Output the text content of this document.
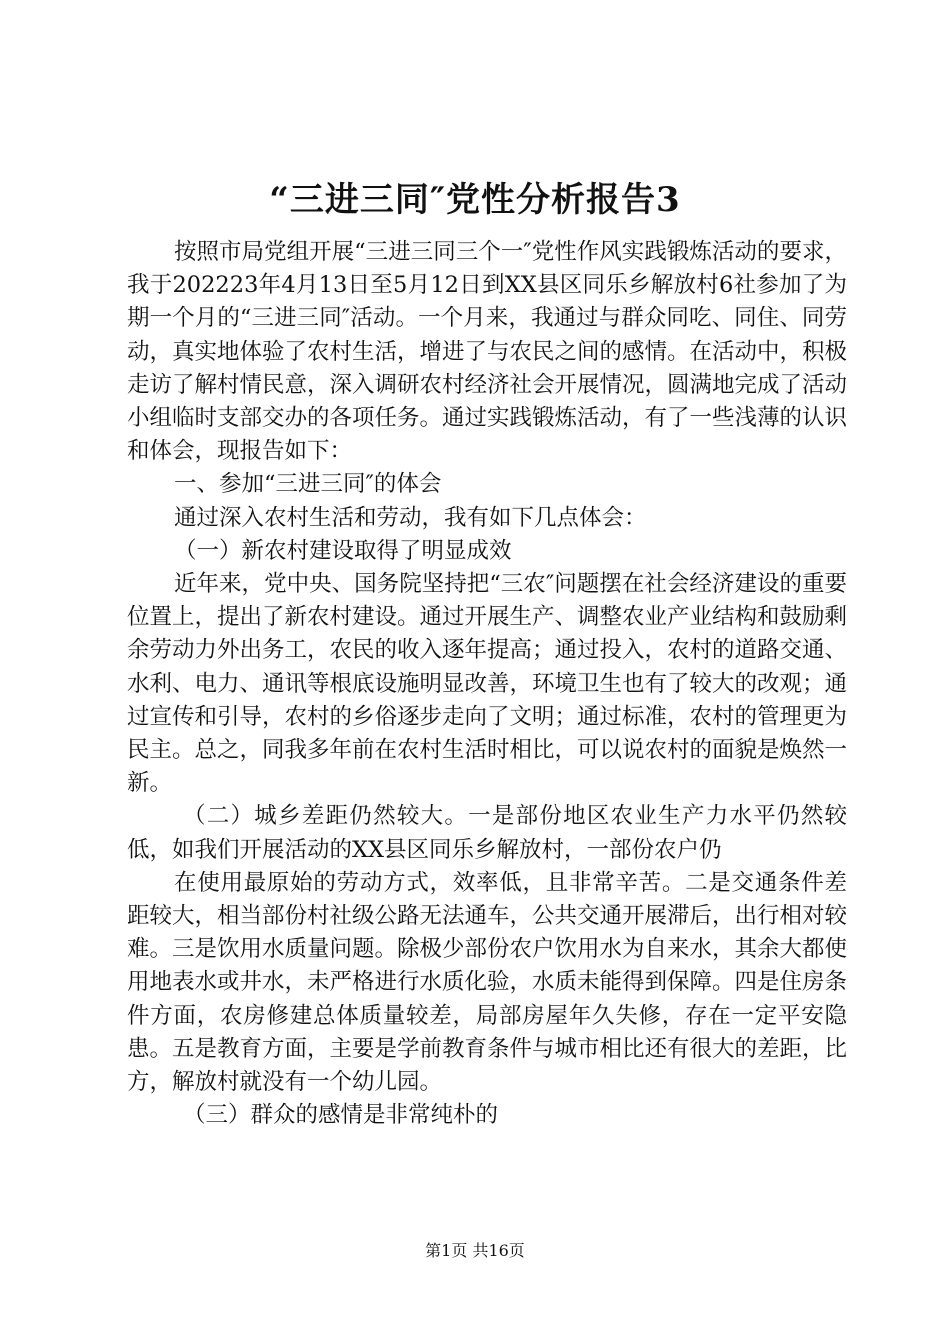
“三进三同″党性分析报告3

按照市局党组开展“三进三同三个一″党性作风实践锻炼活动的要求，我于202223年4月13日至5月12日到XX县区同乐乡解放村6社参加了为期一个月的“三进三同″活动。一个月来，我通过与群众同吃、同住、同劳动，真实地体验了农村生活，增进了与农民之间的感情。在活动中，积极走访了解村情民意，深入调研农村经济社会开展情况，圆满地完成了活动小组临时支部交办的各项任务。通过实践锻炼活动，有了一些浅薄的认识和体会，现报告如下：

一、参加“三进三同″的体会

通过深入农村生活和劳动，我有如下几点体会：

（一）新农村建设取得了明显成效

近年来，党中央、国务院坚持把“三农″问题摆在社会经济建设的重要位置上，提出了新农村建设。通过开展生产、调整农业产业结构和鼓励剩余劳动力外出务工，农民的收入逐年提高；通过投入，农村的道路交通、水利、电力、通讯等根底设施明显改善，环境卫生也有了较大的改观；通过宣传和引导，农村的乡俗逐步走向了文明；通过标准，农村的管理更为民主。总之，同我多年前在农村生活时相比，可以说农村的面貌是焕然一新。

（二）城乡差距仍然较大。一是部份地区农业生产力水平仍然较低，如我们开展活动的XX县区同乐乡解放村，一部份农户仍

在使用最原始的劳动方式，效率低，且非常辛苦。二是交通条件差距较大，相当部份村社级公路无法通车，公共交通开展滞后，出行相对较难。三是饮用水质量问题。除极少部份农户饮用水为自来水，其余大都使用地表水或井水，未严格进行水质化验，水质未能得到保障。四是住房条件方面，农房修建总体质量较差，局部房屋年久失修，存在一定平安隐患。五是教育方面，主要是学前教育条件与城市相比还有很大的差距，比方，解放村就没有一个幼儿园。

（三）群众的感情是非常纯朴的

第1页 共16页
